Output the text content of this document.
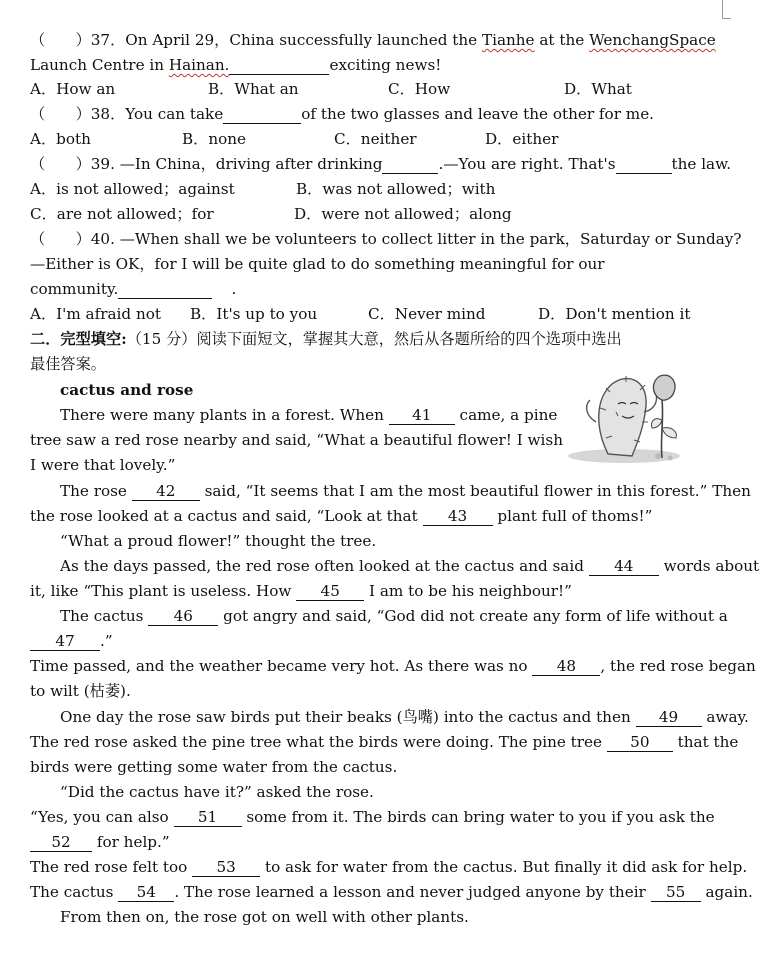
（　　）37．On April 29，China successfully launched the Tianhe at the WenchangSpace
Launch Centre in Hainan.	exciting news!
A．How an	B．What an	C．How	D．What
（　　）38．You can take	of the two glasses and leave the other for me.
A．both	B．none	C．neither	D．either
（　　）39. —In China，driving after drinking	.—You are right. That's	the law.
A．is not allowed；against	B．was not allowed；with
C．are not allowed；for	D．were not allowed；along
（　　）40. —When shall we be volunteers to collect litter in the park，Saturday or Sunday?
—Either is OK，for I will be quite glad to do something meaningful for our
community.	.
A．I'm afraid not B．It's up to you	C．Never mind	D．Don't mention it
二．完型填空:（15 分）阅读下面短文，掌握其大意，然后从各题所给的四个选项中选出
最佳答案。
cactus and rose
There were many plants in a forest. When 41 came, a pine
tree saw a red rose nearby and said, “What a beautiful flower! I wish
I were that lovely.”
The rose 42 said, “It seems that I am the most beautiful flower in this forest.” Then
the rose looked at a cactus and said, “Look at that 43 plant full of thoms!”
“What a proud flower!” thought the tree.
As the days passed, the red rose often looked at the cactus and said 44 words about
it, like “This plant is useless. How 45 I am to be his neighbour!”
The cactus 46 got angry and said, “God did not create any form of life without a
47 .”
Time passed, and the weather became very hot. As there was no 48 , the red rose began
to wilt (枯萎).
One day the rose saw birds put their beaks (鸟嘴) into the cactus and then 49 away.
The red rose asked the pine tree what the birds were doing. The pine tree 50 that the
birds were getting some water from the cactus.
“Did the cactus have it?” asked the rose.
“Yes, you can also 51 some from it. The birds can bring water to you if you ask the
52 for help.”
The red rose felt too 53 to ask for water from the cactus. But finally it did ask for help.
The cactus 54 . The rose learned a lesson and never judged anyone by their 55 again.
From then on, the rose got on well with other plants.
